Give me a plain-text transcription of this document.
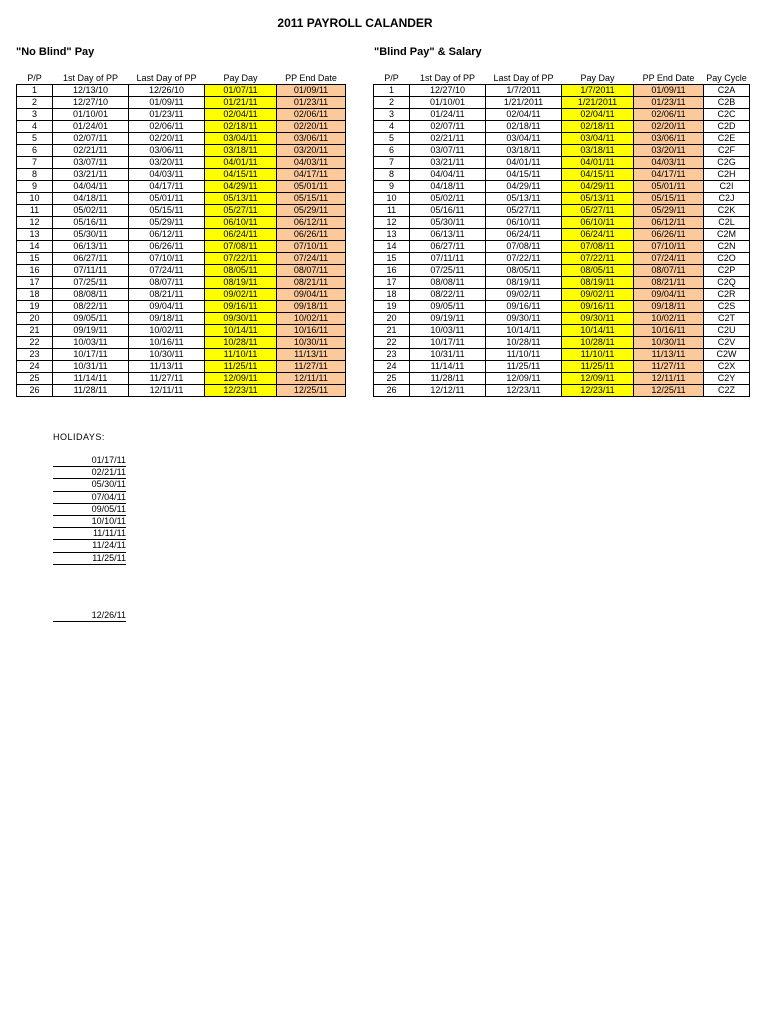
2011 PAYROLL CALANDER
"No Blind" Pay	"Blind Pay" & Salary
P/P	1st Day of PP	Last Day of PP	Pay Day	PP End Date
1	12/13/10	12/26/10	01/07/11	01/09/11
2	12/27/10	01/09/11	01/21/11	01/23/11
3	01/10/01	01/23/11	02/04/11	02/06/11
4	01/24/01	02/06/11	02/18/11	02/20/11
5	02/07/11	02/20/11	03/04/11	03/06/11
6	02/21/11	03/06/11	03/18/11	03/20/11
7	03/07/11	03/20/11	04/01/11	04/03/11
8	03/21/11	04/03/11	04/15/11	04/17/11
9	04/04/11	04/17/11	04/29/11	05/01/11
10	04/18/11	05/01/11	05/13/11	05/15/11
11	05/02/11	05/15/11	05/27/11	05/29/11
12	05/16/11	05/29/11	06/10/11	06/12/11
13	05/30/11	06/12/11	06/24/11	06/26/11
14	06/13/11	06/26/11	07/08/11	07/10/11
15	06/27/11	07/10/11	07/22/11	07/24/11
16	07/11/11	07/24/11	08/05/11	08/07/11
17	07/25/11	08/07/11	08/19/11	08/21/11
18	08/08/11	08/21/11	09/02/11	09/04/11
19	08/22/11	09/04/11	09/16/11	09/18/11
20	09/05/11	09/18/11	09/30/11	10/02/11
21	09/19/11	10/02/11	10/14/11	10/16/11
22	10/03/11	10/16/11	10/28/11	10/30/11
23	10/17/11	10/30/11	11/10/11	11/13/11
24	10/31/11	11/13/11	11/25/11	11/27/11
25	11/14/11	11/27/11	12/09/11	12/11/11
26	11/28/11	12/11/11	12/23/11	12/25/11
P/P	1st Day of PP	Last Day of PP	Pay Day	PP End Date	Pay Cycle
1	12/27/10	1/7/2011	1/7/2011	01/09/11	C2A
2	01/10/01	1/21/2011	1/21/2011	01/23/11	C2B
3	01/24/11	02/04/11	02/04/11	02/06/11	C2C
4	02/07/11	02/18/11	02/18/11	02/20/11	C2D
5	02/21/11	03/04/11	03/04/11	03/06/11	C2E
6	03/07/11	03/18/11	03/18/11	03/20/11	C2F
7	03/21/11	04/01/11	04/01/11	04/03/11	C2G
8	04/04/11	04/15/11	04/15/11	04/17/11	C2H
9	04/18/11	04/29/11	04/29/11	05/01/11	C2I
10	05/02/11	05/13/11	05/13/11	05/15/11	C2J
11	05/16/11	05/27/11	05/27/11	05/29/11	C2K
12	05/30/11	06/10/11	06/10/11	06/12/11	C2L
13	06/13/11	06/24/11	06/24/11	06/26/11	C2M
14	06/27/11	07/08/11	07/08/11	07/10/11	C2N
15	07/11/11	07/22/11	07/22/11	07/24/11	C2O
16	07/25/11	08/05/11	08/05/11	08/07/11	C2P
17	08/08/11	08/19/11	08/19/11	08/21/11	C2Q
18	08/22/11	09/02/11	09/02/11	09/04/11	C2R
19	09/05/11	09/16/11	09/16/11	09/18/11	C2S
20	09/19/11	09/30/11	09/30/11	10/02/11	C2T
21	10/03/11	10/14/11	10/14/11	10/16/11	C2U
22	10/17/11	10/28/11	10/28/11	10/30/11	C2V
23	10/31/11	11/10/11	11/10/11	11/13/11	C2W
24	11/14/11	11/25/11	11/25/11	11/27/11	C2X
25	11/28/11	12/09/11	12/09/11	12/11/11	C2Y
26	12/12/11	12/23/11	12/23/11	12/25/11	C2Z
HOLIDAYS:
01/17/11
02/21/11
05/30/11
07/04/11
09/05/11
10/10/11
11/11/11
11/24/11
11/25/11
12/26/11
